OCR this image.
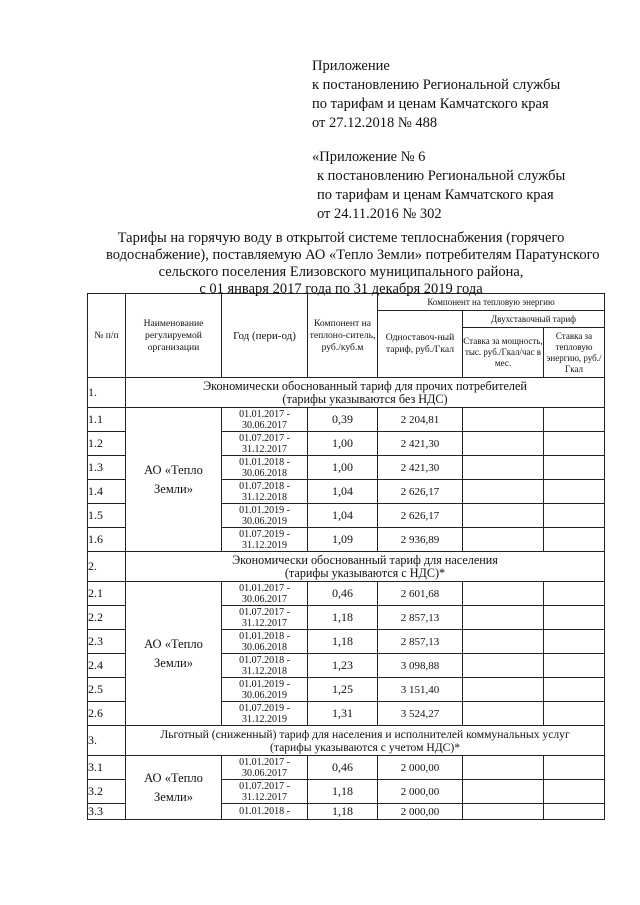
Приложение
к постановлению Региональной службы
по тарифам и ценам Камчатского края
от 27.12.2018 № 488
«Приложение № 6
к постановлению Региональной службы
по тарифам и ценам Камчатского края
от 24.11.2016 № 302
Тарифы на горячую воду в открытой системе теплоснабжения (горячего
водоснабжение), поставляемую АО «Тепло Земли» потребителям Паратунского
сельского поселения Елизовского муниципального района,
с 01 января 2017 года по 31 декабря 2019 года
№ п/п	Наименование регулируемой организации	Год (пери-од)	Компонент на теплоно-ситель, руб./куб.м	Компонент на тепловую энергию		
				Одноставоч-ный тариф, руб./Гкал	Двухставочный тариф	
					Ставка за мощность, тыс. руб./Гкал/час в мес.	Ставка за тепловую энергию, руб./Гкал
1.	Экономически обоснованный тариф для прочих потребителей
(тарифы указываются без НДС)					

1.1	АО «Тепло Земли»	01.01.2017 - 30.06.2017	0,39	2 204,81		
1.2		01.07.2017 - 31.12.2017	1,00	2 421,30		
1.3		01.01.2018 - 30.06.2018	1,00	2 421,30		
1.4		01.07.2018 - 31.12.2018	1,04	2 626,17		
1.5		01.01.2019 - 30.06.2019	1,04	2 626,17		
1.6		01.07.2019 - 31.12.2019	1,09	2 936,89		
2.	Экономически обоснованный тариф для населения
(тарифы указываются с НДС)*					

2.1	АО «Тепло Земли»	01.01.2017 - 30.06.2017	0,46	2 601,68		
2.2		01.07.2017 - 31.12.2017	1,18	2 857,13		
2.3		01.01.2018 - 30.06.2018	1,18	2 857,13		
2.4		01.07.2018 - 31.12.2018	1,23	3 098,88		
2.5		01.01.2019 - 30.06.2019	1,25	3 151,40		
2.6		01.07.2019 - 31.12.2019	1,31	3 524,27		
3.	Льготный (сниженный) тариф для населения и исполнителей коммунальных услуг
(тарифы указываются с учетом НДС)*					

3.1	АО «Тепло Земли»	01.01.2017 - 30.06.2017	0,46	2 000,00		
3.2		01.07.2017 - 31.12.2017	1,18	2 000,00		
3.3		01.01.2018 -	1,18	2 000,00		
